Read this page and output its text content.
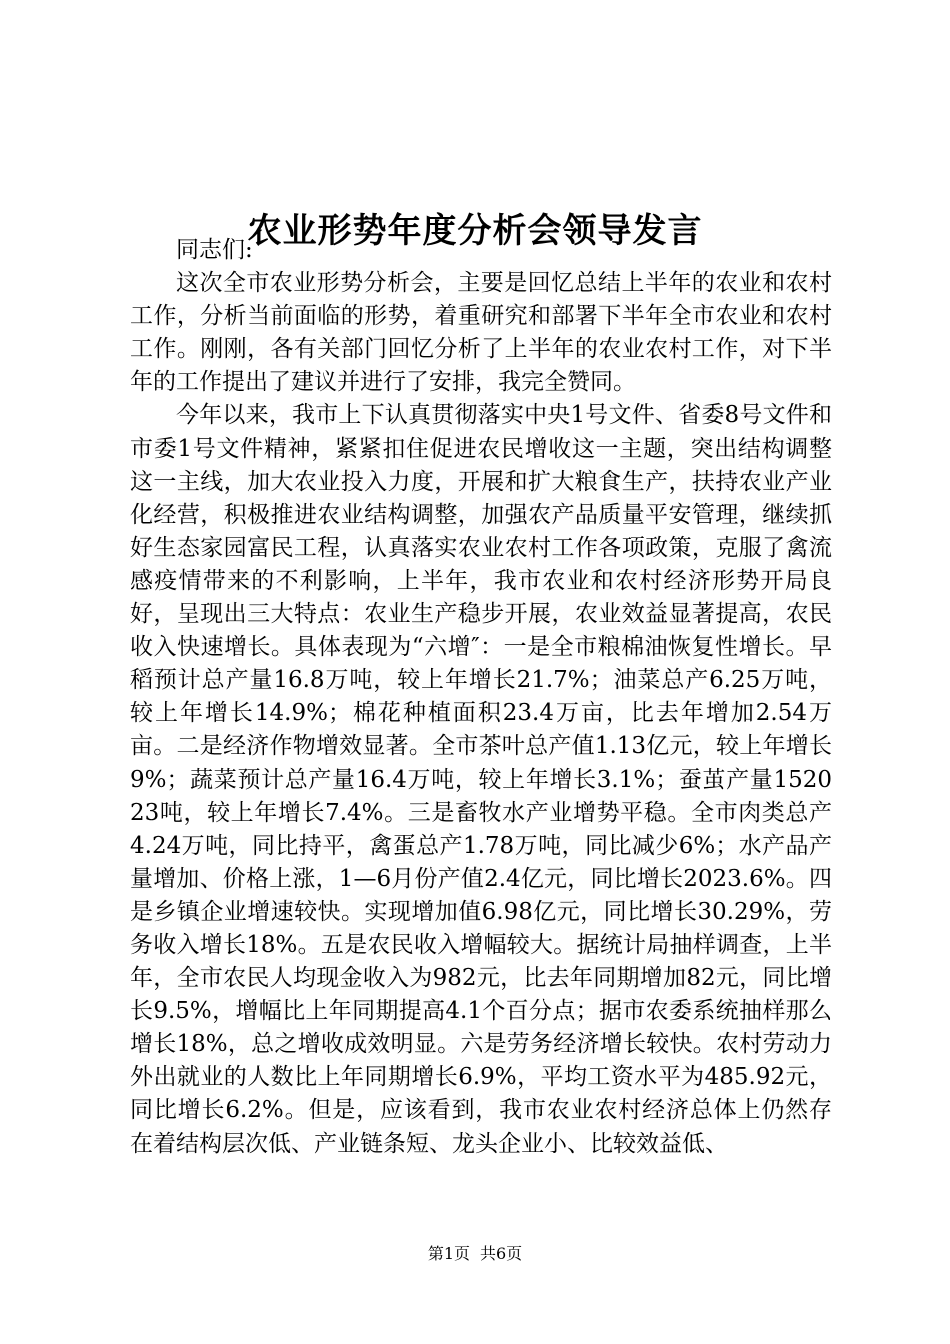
农业形势年度分析会领导发言

同志们:

这次全市农业形势分析会，主要是回忆总结上半年的农业和农村工作，分析当前面临的形势，着重研究和部署下半年全市农业和农村工作。刚刚，各有关部门回忆分析了上半年的农业农村工作，对下半年的工作提出了建议并进行了安排，我完全赞同。

今年以来，我市上下认真贯彻落实中央1号文件、省委8号文件和市委1号文件精神，紧紧扣住促进农民增收这一主题，突出结构调整这一主线，加大农业投入力度，开展和扩大粮食生产，扶持农业产业化经营，积极推进农业结构调整，加强农产品质量平安管理，继续抓好生态家园富民工程，认真落实农业农村工作各项政策，克服了禽流感疫情带来的不利影响，上半年，我市农业和农村经济形势开局良好，呈现出三大特点：农业生产稳步开展，农业效益显著提高，农民收入快速增长。具体表现为“六增″：一是全市粮棉油恢复性增长。早稻预计总产量16.8万吨，较上年增长21.7%；油菜总产6.25万吨，较上年增长14.9%；棉花种植面积23.4万亩，比去年增加2.54万亩。二是经济作物增效显著。全市茶叶总产值1.13亿元，较上年增长9%；蔬菜预计总产量16.4万吨，较上年增长3.1%；蚕茧产量152023吨，较上年增长7.4%。三是畜牧水产业增势平稳。全市肉类总产4.24万吨，同比持平，禽蛋总产1.78万吨，同比减少6%；水产品产量增加、价格上涨，1—6月份产值2.4亿元，同比增长2023.6%。四是乡镇企业增速较快。实现增加值6.98亿元，同比增长30.29%，劳务收入增长18%。五是农民收入增幅较大。据统计局抽样调查，上半年，全市农民人均现金收入为982元，比去年同期增加82元，同比增长9.5%，增幅比上年同期提高4.1个百分点；据市农委系统抽样那么增长18%，总之增收成效明显。六是劳务经济增长较快。农村劳动力外出就业的人数比上年同期增长6.9%，平均工资水平为485.92元，同比增长6.2%。但是，应该看到，我市农业农村经济总体上仍然存在着结构层次低、产业链条短、龙头企业小、比较效益低、

第1页 共6页
